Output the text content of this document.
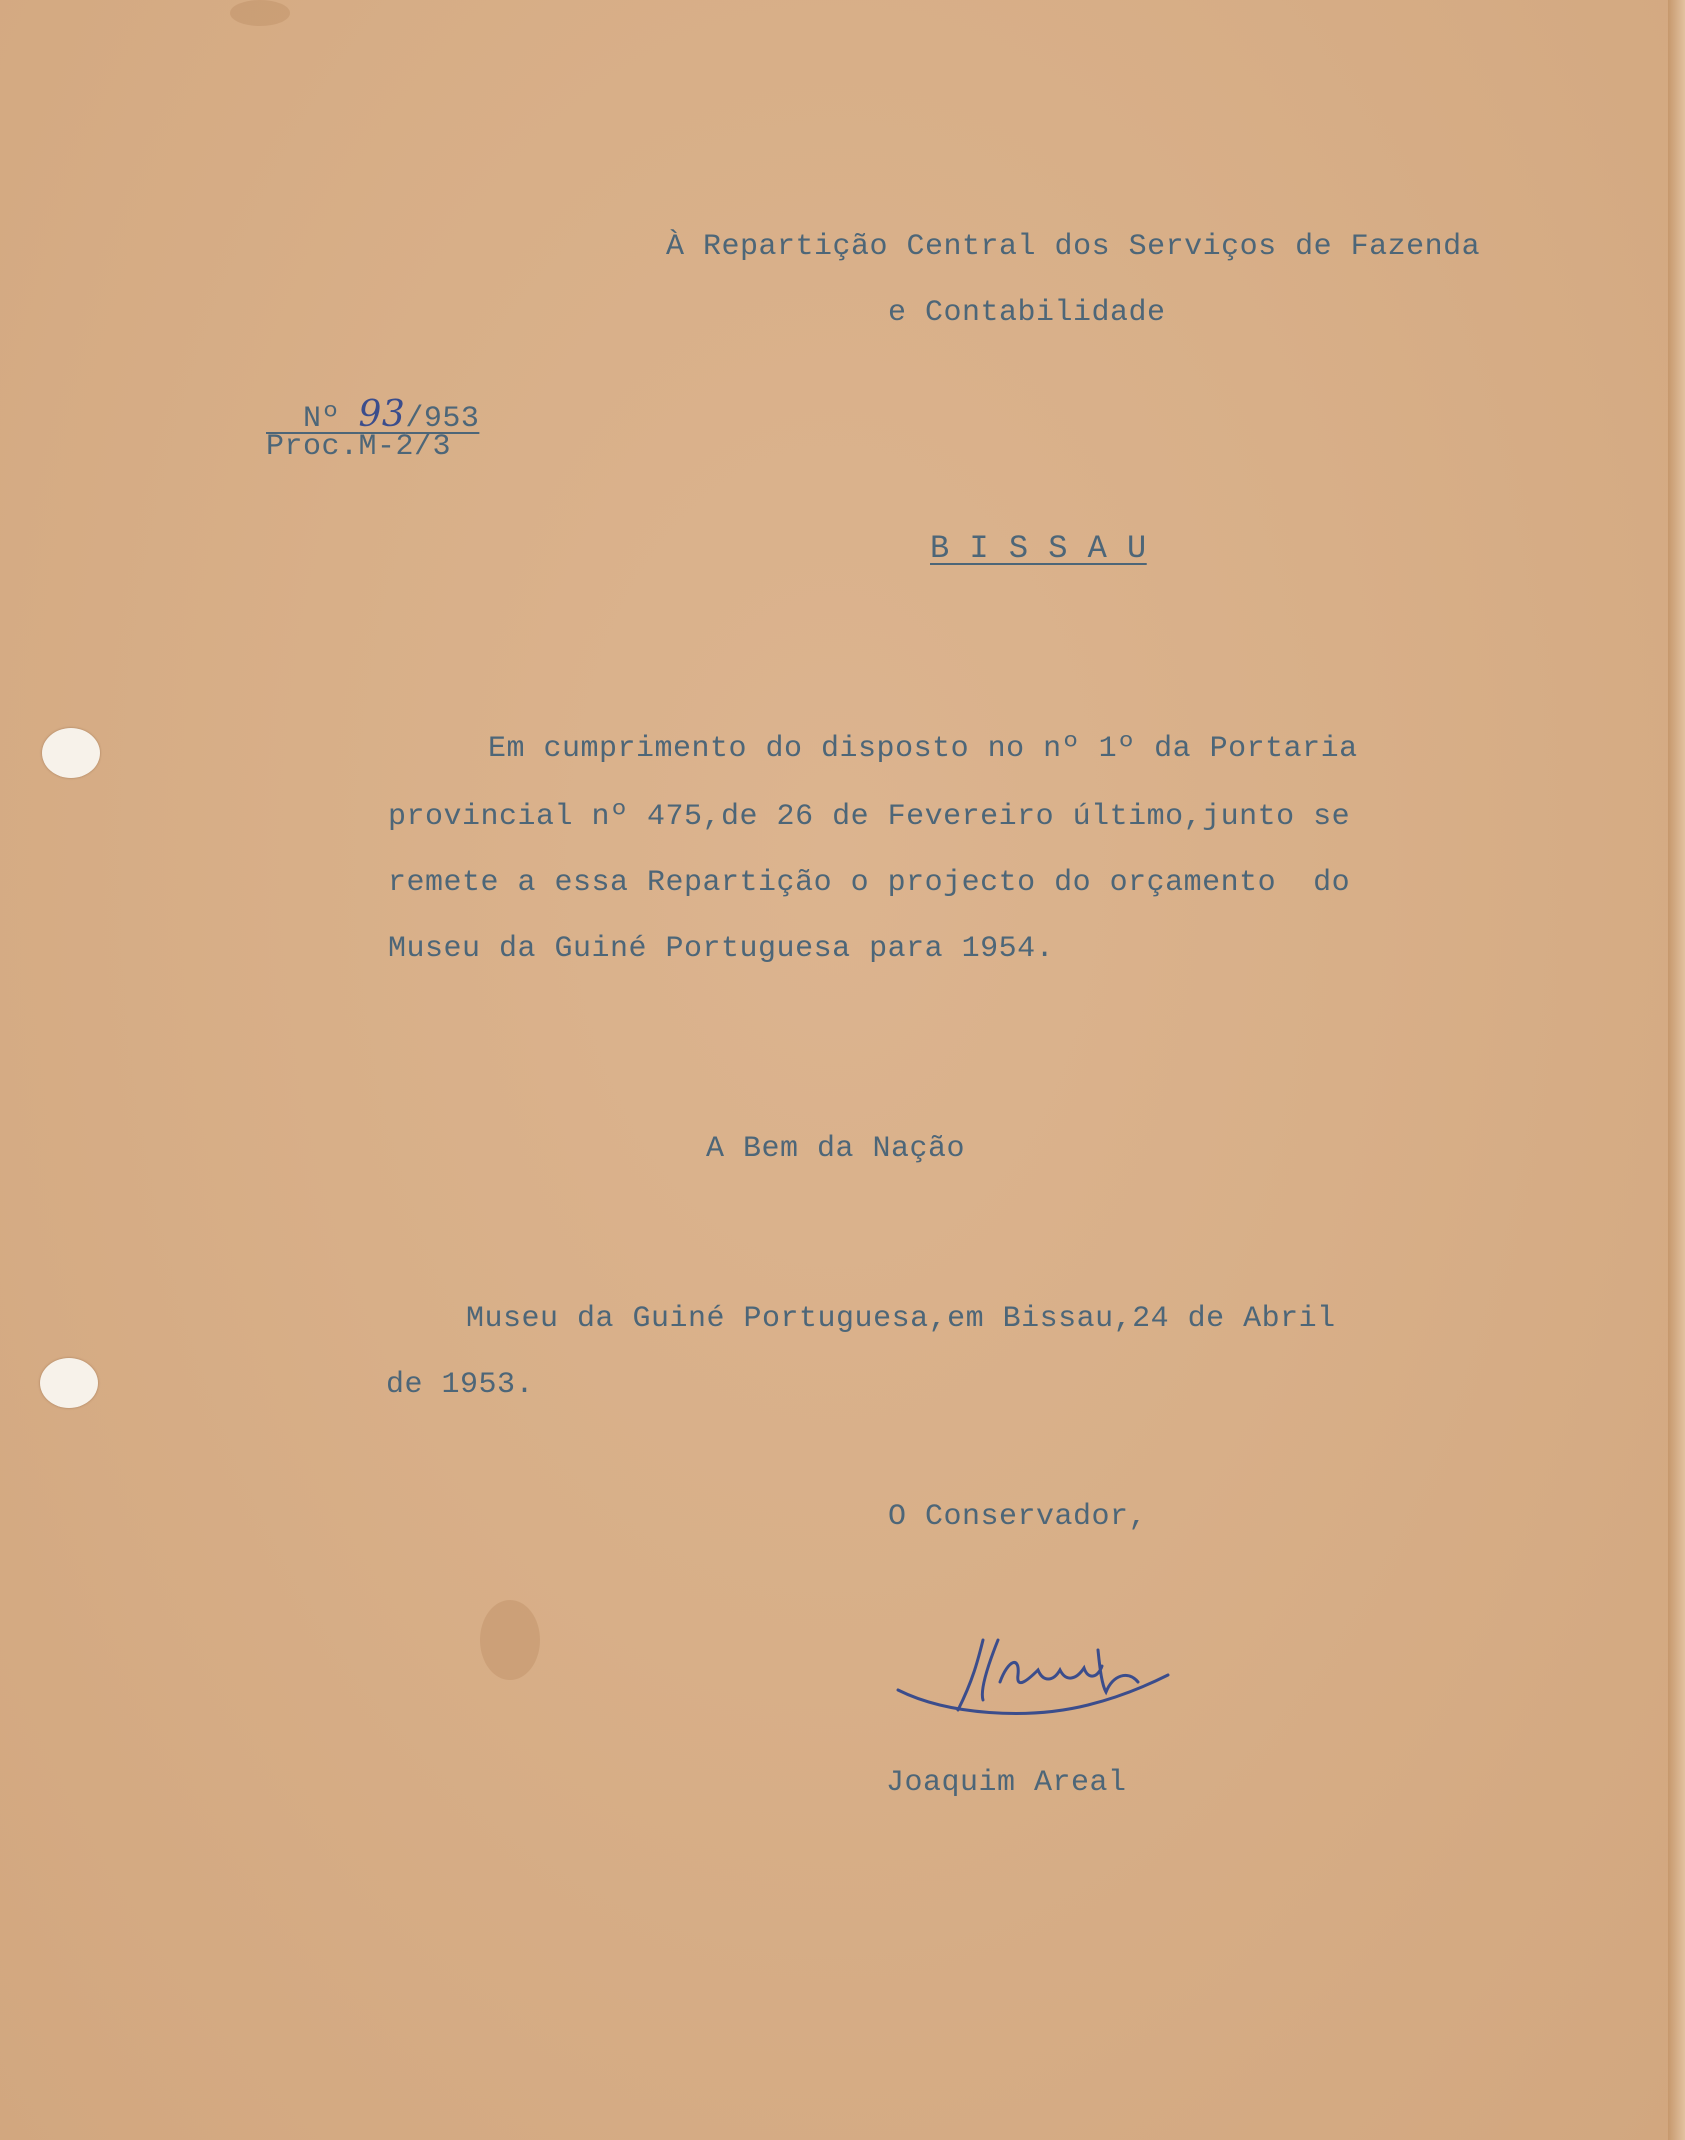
À Repartição Central dos Serviços de Fazenda
e Contabilidade

Nº 93/953

Proc.M-2/3
B I S S A U
Em cumprimento do disposto no nº 1º da Portaria
provincial nº 475,de 26 de Fevereiro último,junto se
remete a essa Repartição o projecto do orçamento  do
Museu da Guiné Portuguesa para 1954.
A Bem da Nação
Museu da Guiné Portuguesa,em Bissau,24 de Abril
de 1953.
O Conservador,
Joaquim Areal
